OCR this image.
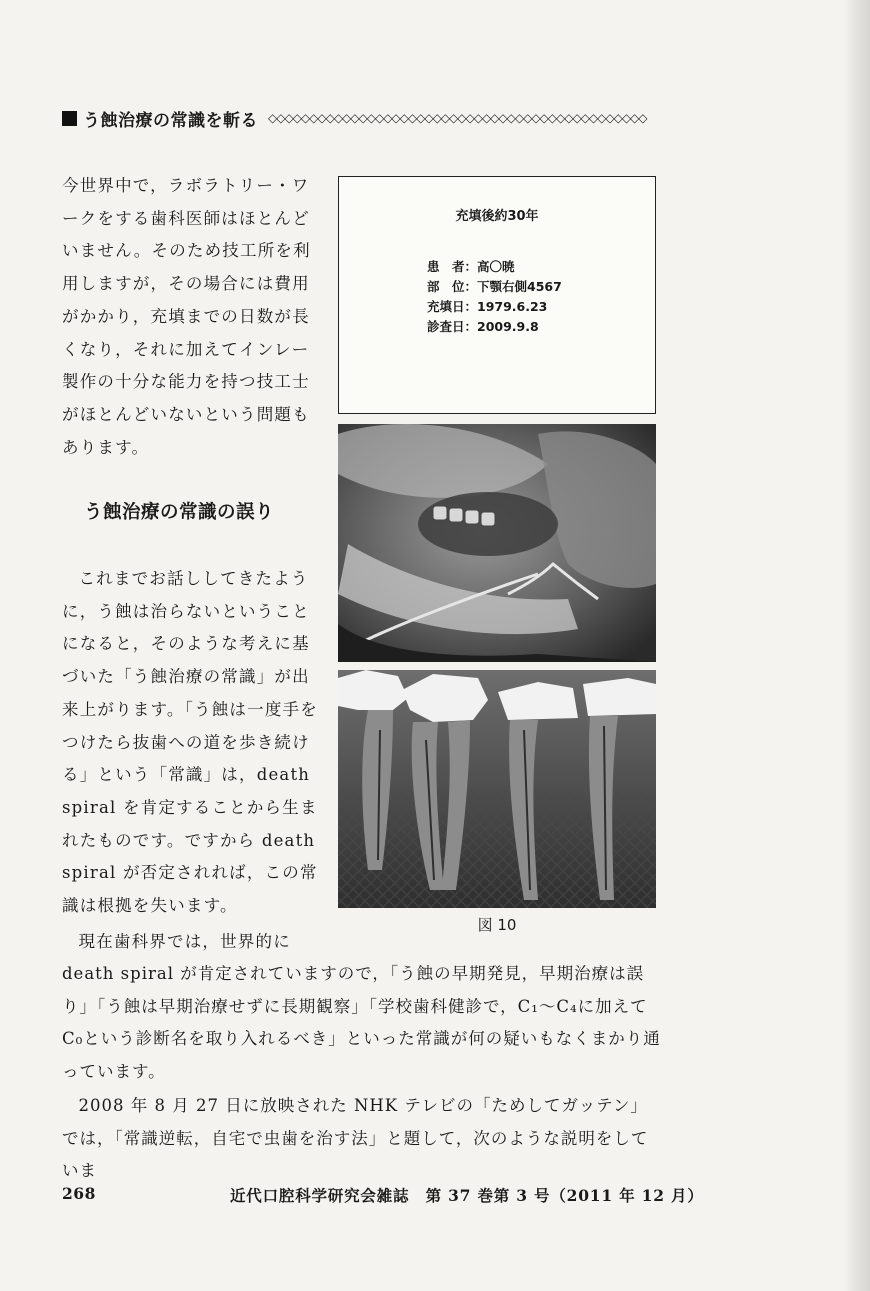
う蝕治療の常識を斬る ◇◇◇◇◇◇◇◇◇◇◇◇◇◇◇◇◇◇◇◇◇◇◇◇◇◇◇◇◇◇◇◇◇◇◇◇◇◇◇◇◇◇◇◇◇◇

今世界中で，ラボラトリー・ワークをする歯科医師はほとんどいません。そのため技工所を利用しますが，その場合には費用がかかり，充填までの日数が長くなり，それに加えてインレー製作の十分な能力を持つ技工士がほとんどいないという問題もあります。

う蝕治療の常識の誤り

これまでお話ししてきたように，う蝕は治らないということになると，そのような考えに基づいた「う蝕治療の常識」が出来上がります。「う蝕は一度手をつけたら抜歯への道を歩き続ける」という「常識」は，death spiral を肯定することから生まれたものです。ですから death spiral が否定されれば，この常識は根拠を失います。

現在歯科界では，世界的に

death spiral が肯定されていますので，「う蝕の早期発見，早期治療は誤り」「う蝕は早期治療せずに長期観察」「学校歯科健診で，C₁～C₄に加えてC₀という診断名を取り入れるべき」といった常識が何の疑いもなくまかり通っています。

2008 年 8 月 27 日に放映された NHK テレビの「ためしてガッテン」では，「常識逆転，自宅で虫歯を治す法」と題して，次のような説明をしていま

充填後約30年
患　者：高〇暁
部　位：下顎右側4567
充填日：1979.6.23
診査日：2009.9.8
図 10
268	近代口腔科学研究会雑誌　第 37 巻第 3 号（2011 年 12 月）
